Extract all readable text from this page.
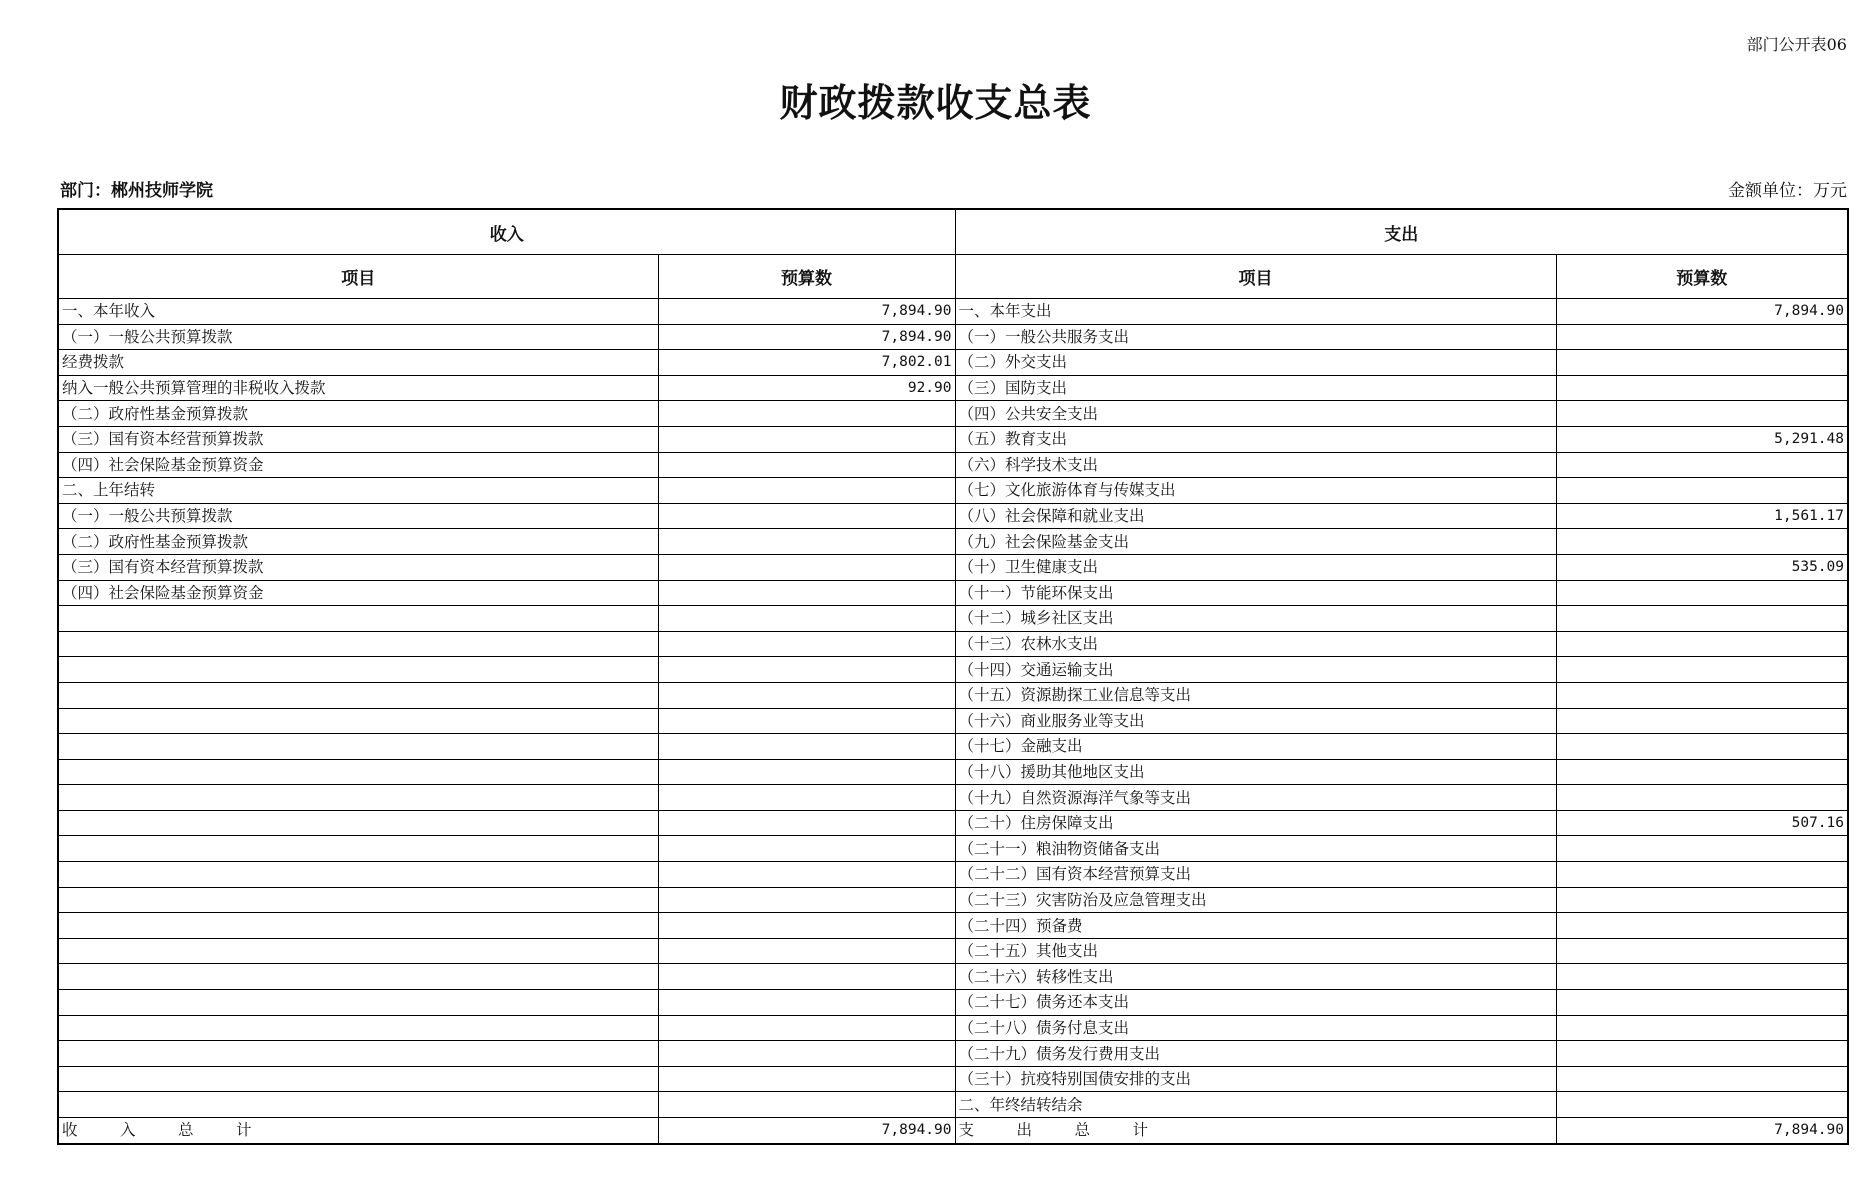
部门公开表06
财政拨款收支总表
部门：郴州技师学院	金额单位：万元
收入		支出	
项目	预算数	项目	预算数
一、本年收入	7,894.90	一、本年支出	7,894.90
（一）一般公共预算拨款	7,894.90	（一）一般公共服务支出	
经费拨款	7,802.01	（二）外交支出	
纳入一般公共预算管理的非税收入拨款	92.90	（三）国防支出	
（二）政府性基金预算拨款		（四）公共安全支出	
（三）国有资本经营预算拨款		（五）教育支出	5,291.48
（四）社会保险基金预算资金		（六）科学技术支出	
二、上年结转		（七）文化旅游体育与传媒支出	
（一）一般公共预算拨款		（八）社会保障和就业支出	1,561.17
（二）政府性基金预算拨款		（九）社会保险基金支出	
（三）国有资本经营预算拨款		（十）卫生健康支出	535.09
（四）社会保险基金预算资金		（十一）节能环保支出	
		（十二）城乡社区支出	
		（十三）农林水支出	
		（十四）交通运输支出	
		（十五）资源勘探工业信息等支出	
		（十六）商业服务业等支出	
		（十七）金融支出	
		（十八）援助其他地区支出	
		（十九）自然资源海洋气象等支出	
		（二十）住房保障支出	507.16
		（二十一）粮油物资储备支出	
		（二十二）国有资本经营预算支出	
		（二十三）灾害防治及应急管理支出	
		（二十四）预备费	
		（二十五）其他支出	
		（二十六）转移性支出	
		（二十七）债务还本支出	
		（二十八）债务付息支出	
		（二十九）债务发行费用支出	
		（三十）抗疫特别国债安排的支出	
		二、年终结转结余	
收 入 总 计	7,894.90	支 出 总 计	7,894.90
